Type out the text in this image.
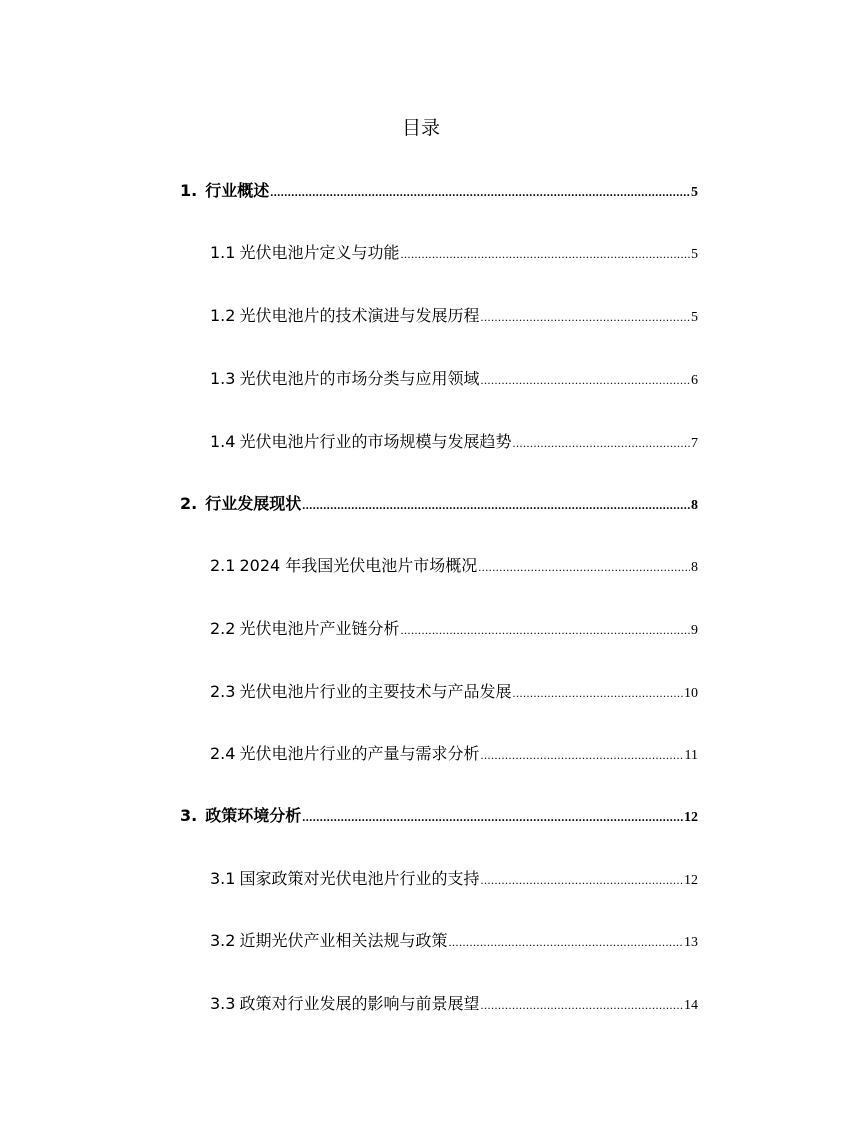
目录
1. 行业概述 .....	5
1.1 光伏电池片定义与功能 .....	5
1.2 光伏电池片的技术演进与发展历程 .....	5
1.3 光伏电池片的市场分类与应用领域 .....	6
1.4 光伏电池片行业的市场规模与发展趋势 .....	7
2. 行业发展现状 .....	8
2.1 2024 年我国光伏电池片市场概况 .....	8
2.2 光伏电池片产业链分析 .....	9
2.3 光伏电池片行业的主要技术与产品发展 .....	10
2.4 光伏电池片行业的产量与需求分析 .....	11
3. 政策环境分析 .....	12
3.1 国家政策对光伏电池片行业的支持 .....	12
3.2 近期光伏产业相关法规与政策 .....	13
3.3 政策对行业发展的影响与前景展望 .....	14
